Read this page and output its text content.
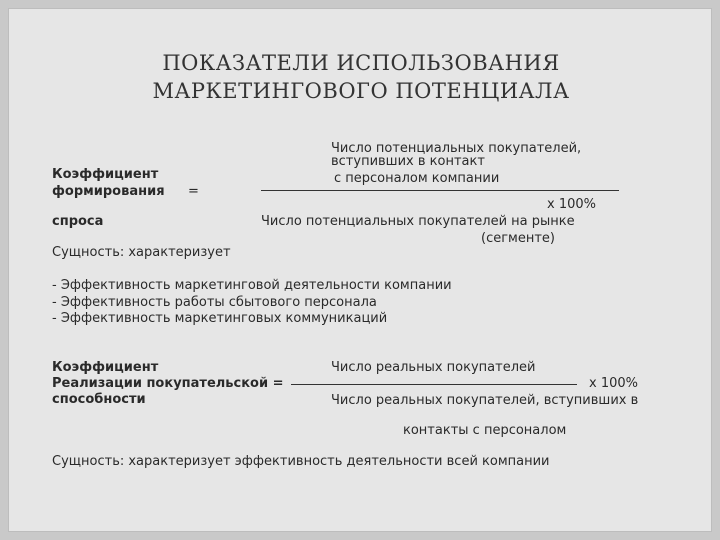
ПОКАЗАТЕЛИ ИСПОЛЬЗОВАНИЯ
МАРКЕТИНГОВОГО ПОТЕНЦИАЛА
Коэффициент
формирования =
спроса
Число потенциальных покупателей,
вступивших в контакт
с персоналом компании
х 100%
Число потенциальных покупателей на рынке
(сегменте)
Сущность: характеризует
- Эффективность маркетинговой деятельности компании
- Эффективность работы сбытового персонала
- Эффективность маркетинговых коммуникаций
Коэффициент
Реализации покупательской =
способности
Число реальных покупателей
х 100%
Число реальных покупателей, вступивших в
контакты с персоналом
Сущность: характеризует эффективность деятельности всей компании
